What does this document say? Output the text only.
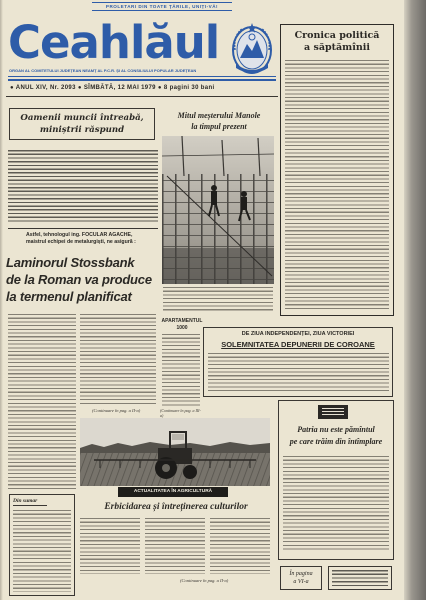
PROLETARI DIN TOATE ȚĂRILE, UNIȚI-VĂ!
Ceahlăul
ORGAN AL COMITETULUI JUDEȚEAN NEAMȚ AL P.C.R. ȘI AL CONSILIULUI POPULAR JUDEȚEAN
● ANUL XIV, Nr. 2093 ● SÎMBĂTĂ, 12 MAI 1979 ● 8 pagini 30 bani
Cronica politică
a săptămînii
Oamenii muncii întreabă,
miniștrii răspund
Astfel, tehnologul ing. FOCULAR AGACHE,
maistrul echipei de metalurgiști, ne asigură :
Laminorul Stossbank
de la Roman va produce
la termenul planificat
(Continuare în pag. a II-a)
Mitul meșterului Manole
la timpul prezent
APARTAMENTUL
1000
(Continuare în pag. a III-a)
DE ZIUA INDEPENDENȚEI, ZIUA VICTORIEI
SOLEMNITATEA DEPUNERII DE COROANE
ACTUALITATEA ÎN AGRICULTURĂ
Erbicidarea și întreținerea culturilor
(Continuare în pag. a II-a)
Patria nu este pămîntul
pe care trăim din întîmplare
În pagina
a VI-a
Din sumar
